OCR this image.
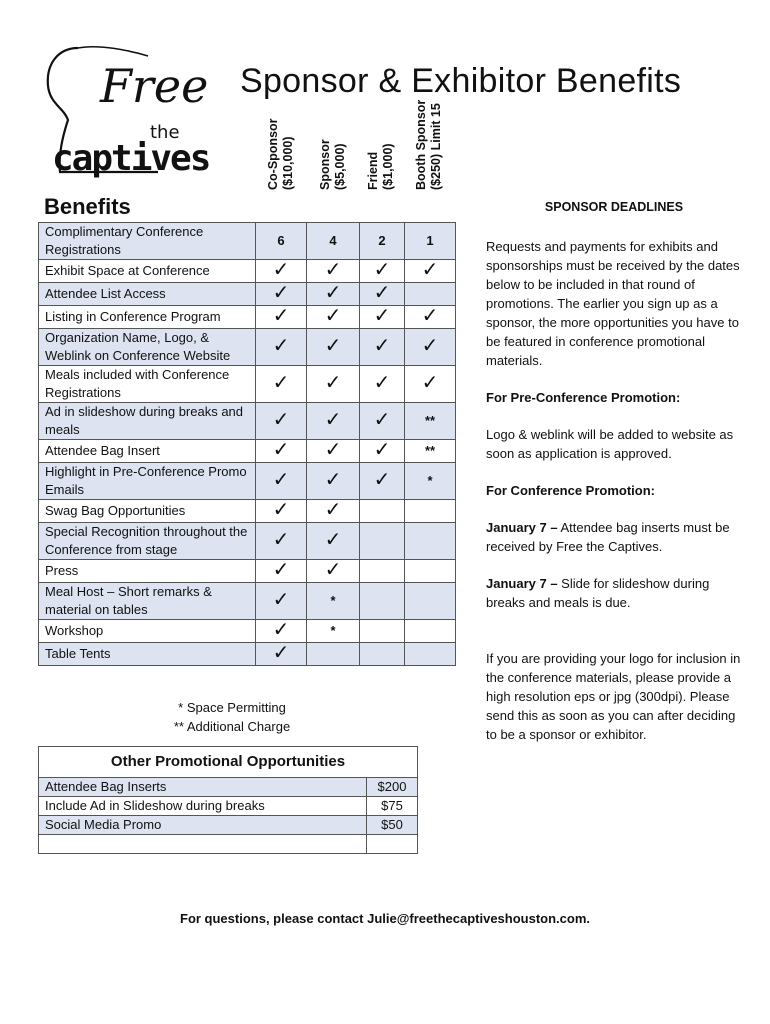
Free
the
captives
Sponsor & Exhibitor Benefits
Co-Sponsor ($10,000) Sponsor ($5,000) Friend ($1,000) Booth Sponsor ($250) Limit 15
Benefits
Complimentary Conference Registrations	6	4	2	1
Exhibit Space at Conference	✓	✓	✓	✓
Attendee List Access	✓	✓	✓	
Listing in Conference Program	✓	✓	✓	✓
Organization Name, Logo, & Weblink on Conference Website	✓	✓	✓	✓
Meals included with Conference Registrations	✓	✓	✓	✓
Ad in slideshow during breaks and meals	✓	✓	✓	**
Attendee Bag Insert	✓	✓	✓	**
Highlight in Pre-Conference Promo Emails	✓	✓	✓	*
Swag Bag Opportunities	✓	✓		
Special Recognition throughout the Conference from stage	✓	✓		
Press	✓	✓		
Meal Host – Short remarks & material on tables	✓	*		
Workshop	✓	*		
Table Tents	✓			
* Space Permitting
** Additional Charge
Other Promotional Opportunities	
Attendee Bag Inserts	$200
Include Ad in Slideshow during breaks	$75
Social Media Promo	$50

SPONSOR DEADLINES

Requests and payments for exhibits and sponsorships must be received by the dates below to be included in that round of promotions. The earlier you sign up as a sponsor, the more opportunities you have to be featured in conference promotional materials.

For Pre-Conference Promotion:

Logo & weblink will be added to website as soon as application is approved.

For Conference Promotion:

January 7 – Attendee bag inserts must be received by Free the Captives.

January 7 – Slide for slideshow during breaks and meals is due.

If you are providing your logo for inclusion in the conference materials, please provide a high resolution eps or jpg (300dpi). Please send this as soon as you can after deciding to be a sponsor or exhibitor.

For questions, please contact Julie@freethecaptiveshouston.com.
